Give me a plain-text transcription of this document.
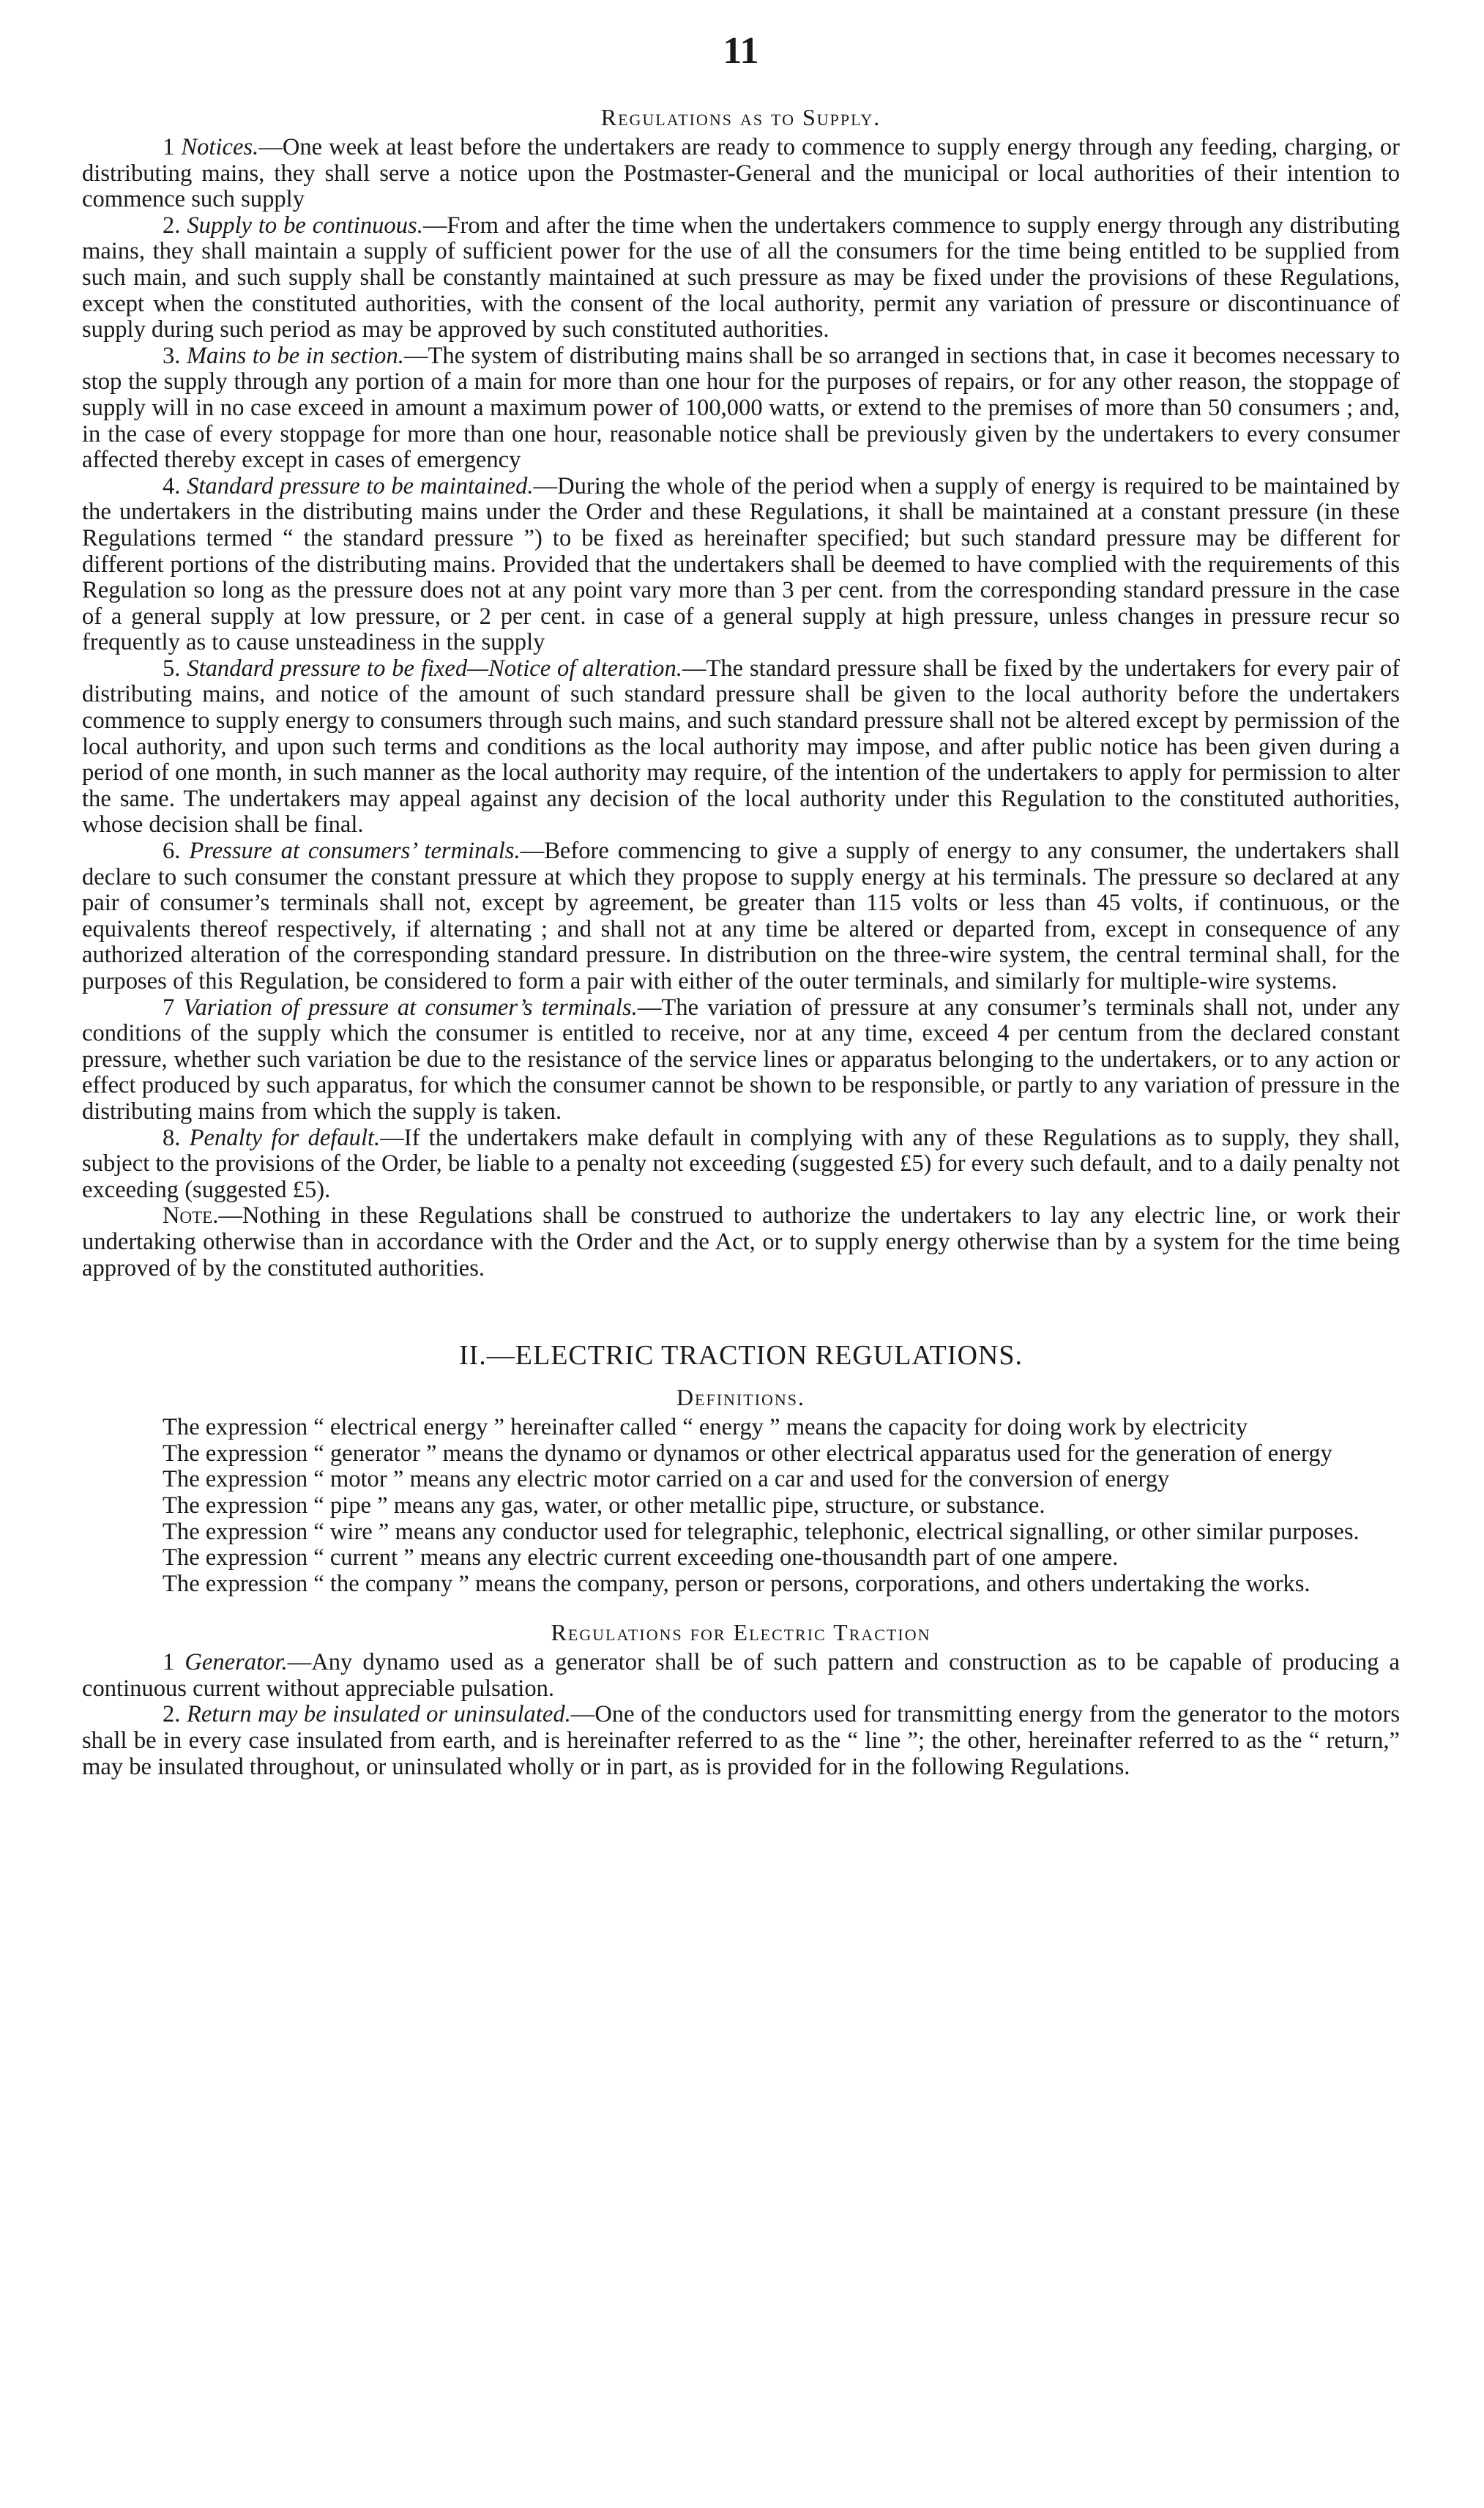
11
Regulations as to Supply.

1 Notices.—One week at least before the undertakers are ready to commence to supply energy through any feeding, charging, or distributing mains, they shall serve a notice upon the Postmaster-General and the municipal or local authorities of their intention to commence such supply

2. Supply to be continuous.—From and after the time when the undertakers commence to supply energy through any distributing mains, they shall maintain a supply of sufficient power for the use of all the consumers for the time being entitled to be supplied from such main, and such supply shall be constantly maintained at such pressure as may be fixed under the provisions of these Regulations, except when the constituted authorities, with the consent of the local authority, permit any variation of pressure or discontinuance of supply during such period as may be approved by such constituted authorities.

3. Mains to be in section.—The system of distributing mains shall be so arranged in sections that, in case it becomes necessary to stop the supply through any portion of a main for more than one hour for the purposes of repairs, or for any other reason, the stoppage of supply will in no case exceed in amount a maximum power of 100,000 watts, or extend to the premises of more than 50 consumers ; and, in the case of every stoppage for more than one hour, reasonable notice shall be previously given by the undertakers to every consumer affected thereby except in cases of emergency

4. Standard pressure to be maintained.—During the whole of the period when a supply of energy is required to be maintained by the undertakers in the distributing mains under the Order and these Regulations, it shall be maintained at a constant pressure (in these Regulations termed “ the standard pressure ”) to be fixed as hereinafter specified; but such standard pressure may be different for different portions of the distributing mains. Provided that the undertakers shall be deemed to have complied with the requirements of this Regulation so long as the pressure does not at any point vary more than 3 per cent. from the corresponding standard pressure in the case of a general supply at low pressure, or 2 per cent. in case of a general supply at high pressure, unless changes in pressure recur so frequently as to cause unsteadiness in the supply

5. Standard pressure to be fixed—Notice of alteration.—The standard pressure shall be fixed by the undertakers for every pair of distributing mains, and notice of the amount of such standard pressure shall be given to the local authority before the undertakers commence to supply energy to consumers through such mains, and such standard pressure shall not be altered except by permission of the local authority, and upon such terms and conditions as the local authority may impose, and after public notice has been given during a period of one month, in such manner as the local authority may require, of the intention of the undertakers to apply for permission to alter the same. The undertakers may appeal against any decision of the local authority under this Regulation to the constituted authorities, whose decision shall be final.

6. Pressure at consumers’ terminals.—Before commencing to give a supply of energy to any consumer, the undertakers shall declare to such consumer the constant pressure at which they propose to supply energy at his terminals. The pressure so declared at any pair of consumer’s terminals shall not, except by agreement, be greater than 115 volts or less than 45 volts, if continuous, or the equivalents thereof respectively, if alternating ; and shall not at any time be altered or departed from, except in consequence of any authorized alteration of the corresponding standard pressure. In distribution on the three-wire system, the central terminal shall, for the purposes of this Regulation, be considered to form a pair with either of the outer terminals, and similarly for multiple-wire systems.

7 Variation of pressure at consumer’s terminals.—The variation of pressure at any consumer’s terminals shall not, under any conditions of the supply which the consumer is entitled to receive, nor at any time, exceed 4 per centum from the declared constant pressure, whether such variation be due to the resistance of the service lines or apparatus belonging to the undertakers, or to any action or effect produced by such apparatus, for which the consumer cannot be shown to be responsible, or partly to any variation of pressure in the distributing mains from which the supply is taken.

8. Penalty for default.—If the undertakers make default in complying with any of these Regulations as to supply, they shall, subject to the provisions of the Order, be liable to a penalty not exceeding (suggested £5) for every such default, and to a daily penalty not exceeding (suggested £5).

Note.—Nothing in these Regulations shall be construed to authorize the undertakers to lay any electric line, or work their undertaking otherwise than in accordance with the Order and the Act, or to supply energy otherwise than by a system for the time being approved of by the constituted authorities.

II.—ELECTRIC TRACTION REGULATIONS.
Definitions.

The expression “ electrical energy ” hereinafter called “ energy ” means the capacity for doing work by electricity

The expression “ generator ” means the dynamo or dynamos or other electrical apparatus used for the generation of energy

The expression “ motor ” means any electric motor carried on a car and used for the conversion of energy

The expression “ pipe ” means any gas, water, or other metallic pipe, structure, or substance.

The expression “ wire ” means any conductor used for telegraphic, telephonic, electrical signalling, or other similar purposes.

The expression “ current ” means any electric current exceeding one-thousandth part of one ampere.

The expression “ the company ” means the company, person or persons, corporations, and others undertaking the works.

Regulations for Electric Traction

1 Generator.—Any dynamo used as a generator shall be of such pattern and construction as to be capable of producing a continuous current without appreciable pulsation.

2. Return may be insulated or uninsulated.—One of the conductors used for transmitting energy from the generator to the motors shall be in every case insulated from earth, and is hereinafter referred to as the “ line ”; the other, hereinafter referred to as the “ return,” may be insulated throughout, or uninsulated wholly or in part, as is provided for in the following Regulations.
